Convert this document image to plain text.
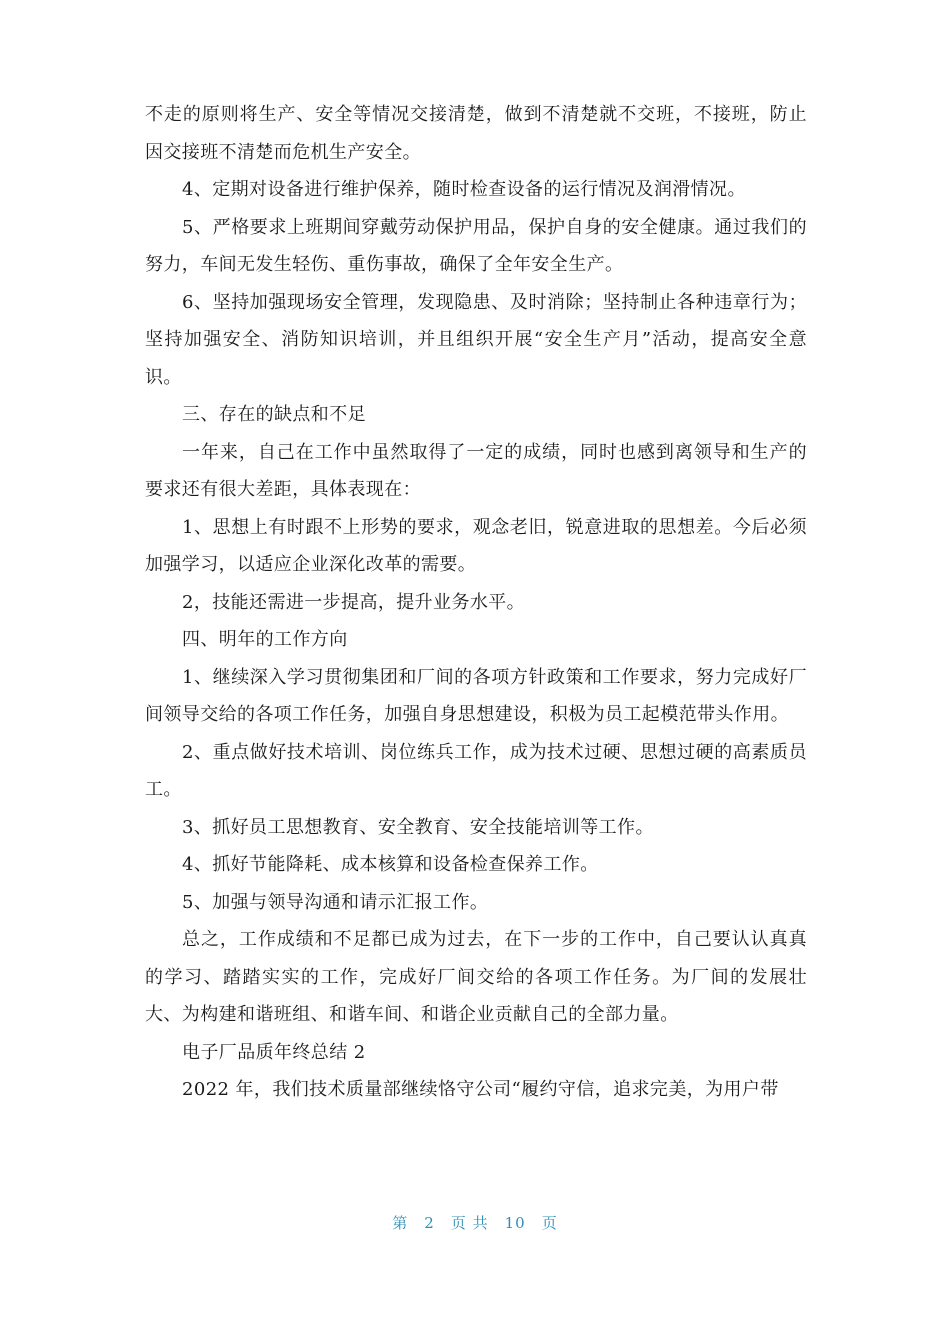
不走的原则将生产、安全等情况交接清楚，做到不清楚就不交班，不接班，防止因交接班不清楚而危机生产安全。

4、定期对设备进行维护保养，随时检查设备的运行情况及润滑情况。

5、严格要求上班期间穿戴劳动保护用品，保护自身的安全健康。通过我们的努力，车间无发生轻伤、重伤事故，确保了全年安全生产。

6、坚持加强现场安全管理，发现隐患、及时消除；坚持制止各种违章行为；坚持加强安全、消防知识培训，并且组织开展“安全生产月”活动，提高安全意识。

三、存在的缺点和不足

一年来，自己在工作中虽然取得了一定的成绩，同时也感到离领导和生产的要求还有很大差距，具体表现在：

1、思想上有时跟不上形势的要求，观念老旧，锐意进取的思想差。今后必须加强学习，以适应企业深化改革的需要。

2，技能还需进一步提高，提升业务水平。

四、明年的工作方向

1、继续深入学习贯彻集团和厂间的各项方针政策和工作要求，努力完成好厂间领导交给的各项工作任务，加强自身思想建设，积极为员工起模范带头作用。

2、重点做好技术培训、岗位练兵工作，成为技术过硬、思想过硬的高素质员工。

3、抓好员工思想教育、安全教育、安全技能培训等工作。

4、抓好节能降耗、成本核算和设备检查保养工作。

5、加强与领导沟通和请示汇报工作。

总之，工作成绩和不足都已成为过去，在下一步的工作中，自己要认认真真的学习、踏踏实实的工作，完成好厂间交给的各项工作任务。为厂间的发展壮大、为构建和谐班组、和谐车间、和谐企业贡献自己的全部力量。

电子厂品质年终总结 2

2022 年，我们技术质量部继续恪守公司“履约守信，追求完美，为用户带

第 2 页 共 10 页
